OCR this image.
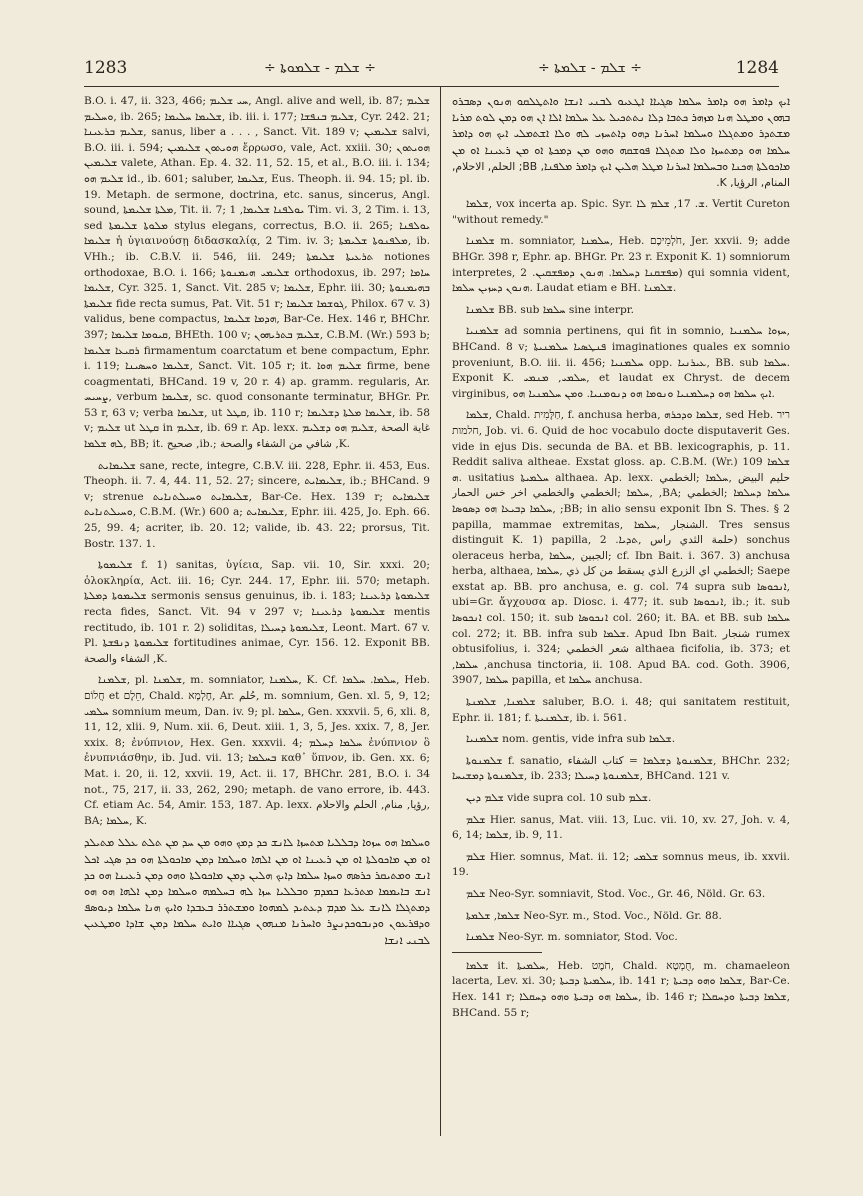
1283	÷ ܫܠܡ - ܫܠܡܘܬܐ ÷	÷ ܫܠܡ - ܫܠܡܬܐ ÷	1284

B.O. i. 47, ii. 323, 466; ܚܝ ܫܠܝܡ, Angl. alive and well, ib. 87; ܫܠܝܡ ܘܚܠܝܡ, ib. 265; ܫܠܝܡܐ ܚܠܝܡܐ, ib. iii. i. 177; ܫܠܝܡ ܒܢܦܫܐ, Cyr. 242. 21; ܫܠܝܡ ܒܪܥܝܢܐ, sanus, liber a . . . , Sanct. Vit. 189 v; ܫܠܝܡܝܢ salvi, B.O. iii. i. 594; ܗܘܝܬܘܢ ܫܠܝܡܝܢ ἔρρωσο, vale, Act. xxiii. 30; ܗܘܝܬܘܢ ܫܠܝܡܝܢ valete, Athan. Ep. 4. 32. 11, 52. 15, et al., B.O. iii. i. 134; ܫܠܝܡ ܗܘ id., ib. 601; saluber, ܫܠܝܡܐ, Eus. Theoph. ii. 94. 15; pl. ib. 19. Metaph. de sermone, doctrina, etc. sanus, sincerus, Angl. sound, ܡܠܬܐ ܫܠܝܡܬܐ, Tit. ii. 7; ܝܘܠܦܢܐ ܫܠܝܡܐ, 1 Tim. vi. 3, 2 Tim. i. 13, sed ܡܠܘܬܐ ܫܠܝܡܬܐ stylus elegans, correctus, B.O. ii. 265; ܝܘܠܦܢܐ ܫܠܝܡܐ ἡ ὑγιαινούσῃ διδασκαλίᾳ, 2 Tim. iv. 3; ܡܠܦܢܘܬܐ ܫܠܝܡܬܐ, ib. VHh.; ib. C.B.V. ii. 546, iii. 249; ܬܪܥܝܬܐ ܫܠܝܡܬܐ notiones orthodoxae, B.O. i. 166; ܫܠܝܡܝ ܗܝܡܢܘܬܐ orthodoxus, ib. 297; ܚܐܡܐ ܫܠܝܡܐ, Cyr. 325. 1, Sanct. Vit. 285 v; ܫܠܝܡܐ, Ephr. iii. 30; ܒܗܝܡܢܘܬܐ ܫܠܝܡܬܐ fide recta sumus, Pat. Vit. 51 r; ܓܘܫܡܐ ܫܠܝܡܐ, Philox. 67 v. 3) validus, bene compactus, ܗܕܡܐ ܫܠܝܡܐ, Bar-Ce. Hex. 146 r, BHChr. 397; ܩܝܘܡܐ ܫܠܝܡܐ, BHEth. 100 v; ܫܠܝܡ ܒܬܪܝܗܘܢ, C.B.M. (Wr.) 593 b; ܪܩܝܥܐ ܫܠܝܡܐ firmamentum coarctatum et bene compactum, Ephr. i. 119; ܫܠܝܡܐ ܘܚܣܝܢܐ, Sanct. Vit. 105 r; it. ܫܠܝܡ ܗܘܐ firme, bene coagmentati, BHCand. 19 v, 20 r. 4) ap. gramm. regularis, Ar. ܨܚܝܚ, verbum ܫܠܝܡܐ, sc. quod consonante terminatur, BHGr. Pr. 53 r, 63 v; verba ܫܠܝܡܐ, ut ܩܛܠ, ib. 110 r; ܫܠܝܡܐ ܡܠܬܐ ܕܫܠܝܡܐ, ib. 58 v; ܫܠܝܡ ut ܩܛܠ in ܫܠܝܡ, ib. 69 r. Ap. lexx. غاية الصحة ,ܫܠܝܡ ܗܘ ܕܫܠܝܡ ܠܗ ܫܠܡܐ, BB; it. صحيح ,ib.; شافي من الشفاء والصحة ,K.

ܫܠܝܡܐܝܬ sane, recte, integre, C.B.V. iii. 228, Ephr. ii. 453, Eus. Theoph. ii. 7. 4, 44. 11, 52. 27; sincere, ܫܠܝܡܐܝܬ, ib.; BHCand. 9 v; strenue ܫܠܝܡܐܝܬ ܘܚܝܠܬܢܐܝܬ, Bar-Ce. Hex. 139 r; ܫܠܝܡܐܝܬ ܘܚܝܠܬܢܐܝܬ, C.B.M. (Wr.) 600 a; ܫܠܝܡܐܝܬ, Ephr. iii. 425, Jo. Eph. 66. 25, 99. 4; acriter, ib. 20. 12; valide, ib. 43. 22; prorsus, Tit. Bostr. 137. 1.

ܫܠܝܡܘܬܐ f. 1) sanitas, ὑγίεια, Sap. vii. 10, Sir. xxxi. 20; ὁλοκληρία, Act. iii. 16; Cyr. 244. 17, Ephr. iii. 570; metaph. ܫܠܝܡܘܬܐ ܕܡܠܬܐ sermonis sensus genuinus, ib. i. 183; ܫܠܝܡܘܬܐ ܕܪܥܝܢܐ recta fides, Sanct. Vit. 94 v 297 v; ܫܠܝܡܘܬܐ ܕܪܥܝܢܐ mentis rectitudo, ib. 101 r. 2) soliditas, ܫܠܝܡܘܬܐ ܕܚܝܠܐ, Leont. Mart. 67 v. Pl. ܫܠܝܡܘܬܐ ܕܢܦܫܬܐ fortitudines animae, Cyr. 156. 12. Exponit BB. الشفاء والصحة ,K.

ܫܠܡܢܐ, pl. ܫܠܡܢܐ, m. somniator, ܚܠܡܢܐ, K. Cf. ܚܠܡܐ. ܚܠܡܐ, Heb. חֲלוֹם et חֵלֶם, Chald. חֶלְמָא, Ar. حُلم, m. somnium, Gen. xl. 5, 9, 12; ܚܠܡܝ somnium meum, Dan. iv. 9; pl. ܚܠܡܐ, Gen. xxxvii. 5, 6, xli. 8, 11, 12, xlii. 9, Num. xii. 6, Deut. xiii. 1, 3, 5, Jes. xxix. 7, 8, Jer. xxix. 8; ἐνύπνιον, Hex. Gen. xxxvii. 4; ܚܠܡܐ ܕܚܠܡ ἐνύπνιον ὃ ἐνυπνιάσθην, ib. Jud. vii. 13; ܒܚܠܡܐ καθ᾽ ὕπνον, ib. Gen. xx. 6; Mat. i. 20, ii. 12, xxvii. 19, Act. ii. 17, BHChr. 281, B.O. i. 34 not., 75, 217, ii. 33, 262, 290; metaph. de vano errore, ib. 443. Cf. etiam Ac. 54, Amir. 153, 187. Ap. lexx. رؤيا, منام, الحلم والاحلام, BA; ܚܠܡܐ, K.

ܘܚܠܡܐ ܗܘ ܚܙܘܐ ܕܒܠܠܝܐ ܡܬܚܙܐ ܠܐܢܫ ܟܕ ܕܡܟ ܘܗܘ ܡܢ ܚܕ ܡܢ ܬܠܬ ܥܠܠ ܡܬܝܠܕ ܐܘ ܡܢ ܡܐܟܘܠܬܐ ܐܘ ܡܢ ܪܥܝܢܐ ܐܘ ܡܢ ܐܠܗܐ ܘܚܠܡܐ ܕܡܢ ܡܐܟܘܠܬܐ ܗܘ ܟܕ ܣܓܝ ܐܟܠ ܐܢܫ ܘܡܬܝܩܪ ܟܪܣܗ ܘܚܙܐ ܚܠܡܐ ܕܐܝܟ ܗܠܝܢ ܕܡܢ ܡܐܟܘܠܬܐ ܘܗܘ ܕܡܢ ܪܥܝܢܐ ܗܘ ܟܕ ܐܢܫ ܒܐܝܡܡܐ ܡܬܪܥܐ ܒܡܕܡ ܘܒܠܠܝܐ ܚܙܐ ܠܗ ܒܚܠܡܗ ܘܚܠܡܐ ܕܡܢ ܐܠܗܐ ܗܘ ܗܘ ܕܡܬܓܠܐ ܠܐܢܫ ܥܠ ܡܕܡ ܕܥܬܝܕ ܠܡܗܘܐ ܘܡܫܬܪܪ ܒܥܒܕܐ ܘܐܝܟ ܗܢܐ ܚܠܡܐ ܕܝܘܣܦ ܘܕܦܪܥܘܢ ܘܕܢܒܘܟܕܢܨܪ ܘܐܚܪܢܐ ܡܢܗܘܢ ܣܓܝܐܐ ܘܐܝܬ ܚܠܡܐ ܕܡܢ ܫܐܕܐ ܘܡܛܥܝܢ ܠܒܢܝ ܐܢܫܐ
ܐܝܟ ܕܐܡܪ ܗܘ ܕܐܡܪ ܚܠܡܐ ܣܓܝܐܐ ܐܛܥܝܘ ܠܒܢܝ ܐܢܫܐ ܘܐܬܛܠܩܘ ܗܢܘܢ ܕܣܒܪܘ ܒܗܘܢ ܘܡܛܠ ܗܢܐ ܡܙܗܪ ܟܬܒܐ ܕܠܐ ܢܬܬܟܝܠ ܥܠ ܚܠܡܐ ܐܠܐ ܐܢ ܗܘ ܕܡܢ ܠܘܬ ܡܪܝܐ ܡܫܬܕܪ ܘܡܬܓܠܐ ܘܚܠܡܐ ܐܚܪܢܐ ܕܗܘ ܕܐܬܚܙܝ ܠܗ ܘܠܐ ܐܫܬܡܠܝ ܐܝܟ ܗܘ ܕܐܡܪ ܚܠܡܐ ܗܘ ܕܡܬܚܙܐ ܘܠܐ ܡܬܓܠܐ ܦܘܫܩܗ ܘܗܘ ܡܢ ܕܡܟܬܐ ܐܘ ܡܢ ܪܥܝܢܐ ܐܘ ܡܢ ܡܐܟܘܠܬܐ ܗܟܢܐ ܘܒܚܠܡܐ ܐܚܪܢܐ ܡܛܠ ܗܠܝܢ ܐܝܟ ܕܐܡܪ ܡܠܦܢܐ, BB; الحلم, الاحلام, المنام, الرؤيا, K.

ܫܠܡܐ, vox incerta ap. Spic. Syr. ܫ. 17, ܫܠܡ ܠܐ. Vertit Cureton "without remedy."

ܫܠܡܢܐ m. somniator, ܚܠܡܢܐ, Heb. חֹלְמֵיכֶם, Jer. xxvii. 9; adde BHGr. 398 r, Ephr. ap. BHGr. Pr. 23 r. Exponit K. 1) somniorum interpretes, ܡܦܫܩܢܐ ܕܚܠܡܐ. ܗܢܘܢ ܕܡܦܫܩܝܢ. 2) qui somnia vident, ܗܢܘܢ ܕܚܙܝܢ ܚܠܡܐ. Laudat etiam e BH. ܫܠܡܢܐ.

ܫܠܡܢܐ BB. sub ܚܠܡܐ sine interpr.

ܫܠܡܢܝܐ ad somnia pertinens, qui fit in somnio, ܚܙܘܐ ܚܠܡܢܝܐ, BHCand. 8 v; ܦܢܛܣܝܐ ܚܠܡܢܝܬܐ imaginationes quales ex somnio proveniunt, B.O. iii. ii. 456; ܚܠܡܢܝܐ opp. ܥܝܪܢܝܐ, BB. sub ܚܠܡܐ. Exponit K. ܚܠܡܝ, ܡܢܡܝ, et laudat ex Chryst. de decem virginibus, ܐܝܟ ܚܠܡܐ ܗܘ ܕܚܠܡܢܝܐ ܘܢܘܡܐ ܗܘ ܕܢܘܡܢܝܐ. ܘܡܢ ܚܠܡܢܝܐ ܗܘ.

ܫܠܡܐ, Chald. חַלָּמִית, f. anchusa herba, ܫܠܡܐ ܘܕܟܪܗ, sed Heb. ריר חלמות, Job. vi. 6. Quid de hoc vocabulo docte disputaverit Ges. vide in ejus Dis. secunda de BA. et BB. lexicographis, p. 11. Reddit saliva altheae. Exstat gloss. ap. C.B.M. (Wr.) 109 ܫܠܡܐ ܗ. usitatius ܚܠܡܝܬܐ althaea. Ap. lexx. حليم البيض ,ܚܠܡܐ ;الخطمي ,ܚܠܡܐ ;الخطمي والخطمي اخر خس الحمار ,BA; ܚܠܡܐ ܕܚܠܡܐ ;الخطمي ,ܚܠܡܐ ܕܒܝܥܐ ܗܘ ܕܣܘܣܐ ;BB; in alio sensu exponit Ibn S. Thes. § 2 papilla, mammae extremitas, الشنجار ,ܚܠܡܐ. Tres sensus distinguit K. 1) papilla, حلمة الثدي راس ,ܬܕܝܐ. 2) sonchus oleraceus herba, الجبين ,ܚܠܡܐ; cf. Ibn Bait. i. 367. 3) anchusa herba, althaea, الخطمي اي الزرع الذي يسقط من كل ذي ,ܚܠܡܐ; Saepe exstat ap. BB. pro anchusa, e. g. col. 74 supra sub ܐܢܟܘܣܐ, ubi=Gr. ἄγχουσα ap. Diosc. i. 477; it. sub ܐܢܟܘܣܐ, ib.; it. sub ܐܢܟܘܣܐ col. 150; it. sub ܐܢܟܘܣܐ col. 260; it. BA. et BB. sub ܚܠܡܐ col. 272; it. BB. infra sub ܫܠܡܐ. Apud Ibn Bait. شنجار rumex obtusifolius, i. 324; شعر الخطمي althaea ficifolia, ib. 373; et ,ܚܠܡܐ ,anchusa tinctoria, ii. 108. Apud BA. cod. Goth. 3906, 3907, ܚܠܡܐ papilla, et ܚܠܡܐ anchusa.

ܫܠܡܢܐ, ܫܠܡܢܬܐ saluber, B.O. i. 48; qui sanitatem restituit, Ephr. ii. 181; f. ܫܠܡܢܝܬܐ, ib. i. 561.

ܫܠܡܢܝܐ nom. gentis, vide infra sub ܫܠܡܐ.

ܫܠܡܢܘܬܐ f. sanatio, ܫܠܡܢܘܬܐ ܕܫܠܡܐ = كتاب الشفاء, BHChr. 232; ܫܠܡܢܘܬܐ ܕܡܫܝܚܐ, ib. 233; ܫܠܡܢܘܬܐ ܕܚܝܠܐ, BHCand. 121 v.

ܫܠܡ ܕܝܢ vide supra col. 10 sub ܫܠܡ.

ܫܠܡ Hier. sanus, Mat. viii. 13, Luc. vii. 10, xv. 27, Joh. v. 4, 6, 14; ܫܠܡܐ, ib. 9, 11.

ܫܠܡ Hier. somnus, Mat. ii. 12; ܫܠܡܝ somnus meus, ib. xxvii. 19.

ܫܠܡ Neo-Syr. somniavit, Stod. Voc., Gr. 46, Nöld. Gr. 63.

ܫܠܡܐ, ܫܠܡܬܐ Neo-Syr. m., Stod. Voc., Nöld. Gr. 88.

ܫܠܡܢܐ Neo-Syr. m. somniator, Stod. Voc.

ܫܠܡܐ it. ܚܠܡܝܬܐ, Heb. חֹמֶט, Chald. חֻמְטָא, m. chamaeleon lacerta, Lev. xi. 30; ܚܠܡܝܬܐ ܕܒܝܬܐ, ib. 141 r; ܫܠܡܐ ܘܗܘ ܕܒܝܬܐ, Bar-Ce. Hex. 141 r; ܚܠܡܐ ܗܘ ܕܒܝܬܐ ܘܗܘ ܕܚܩܠܐ, ib. 146 r; ܫܠܡܐ ܕܒܝܬܐ ܘܕܚܩܠܐ, BHCand. 55 r;
